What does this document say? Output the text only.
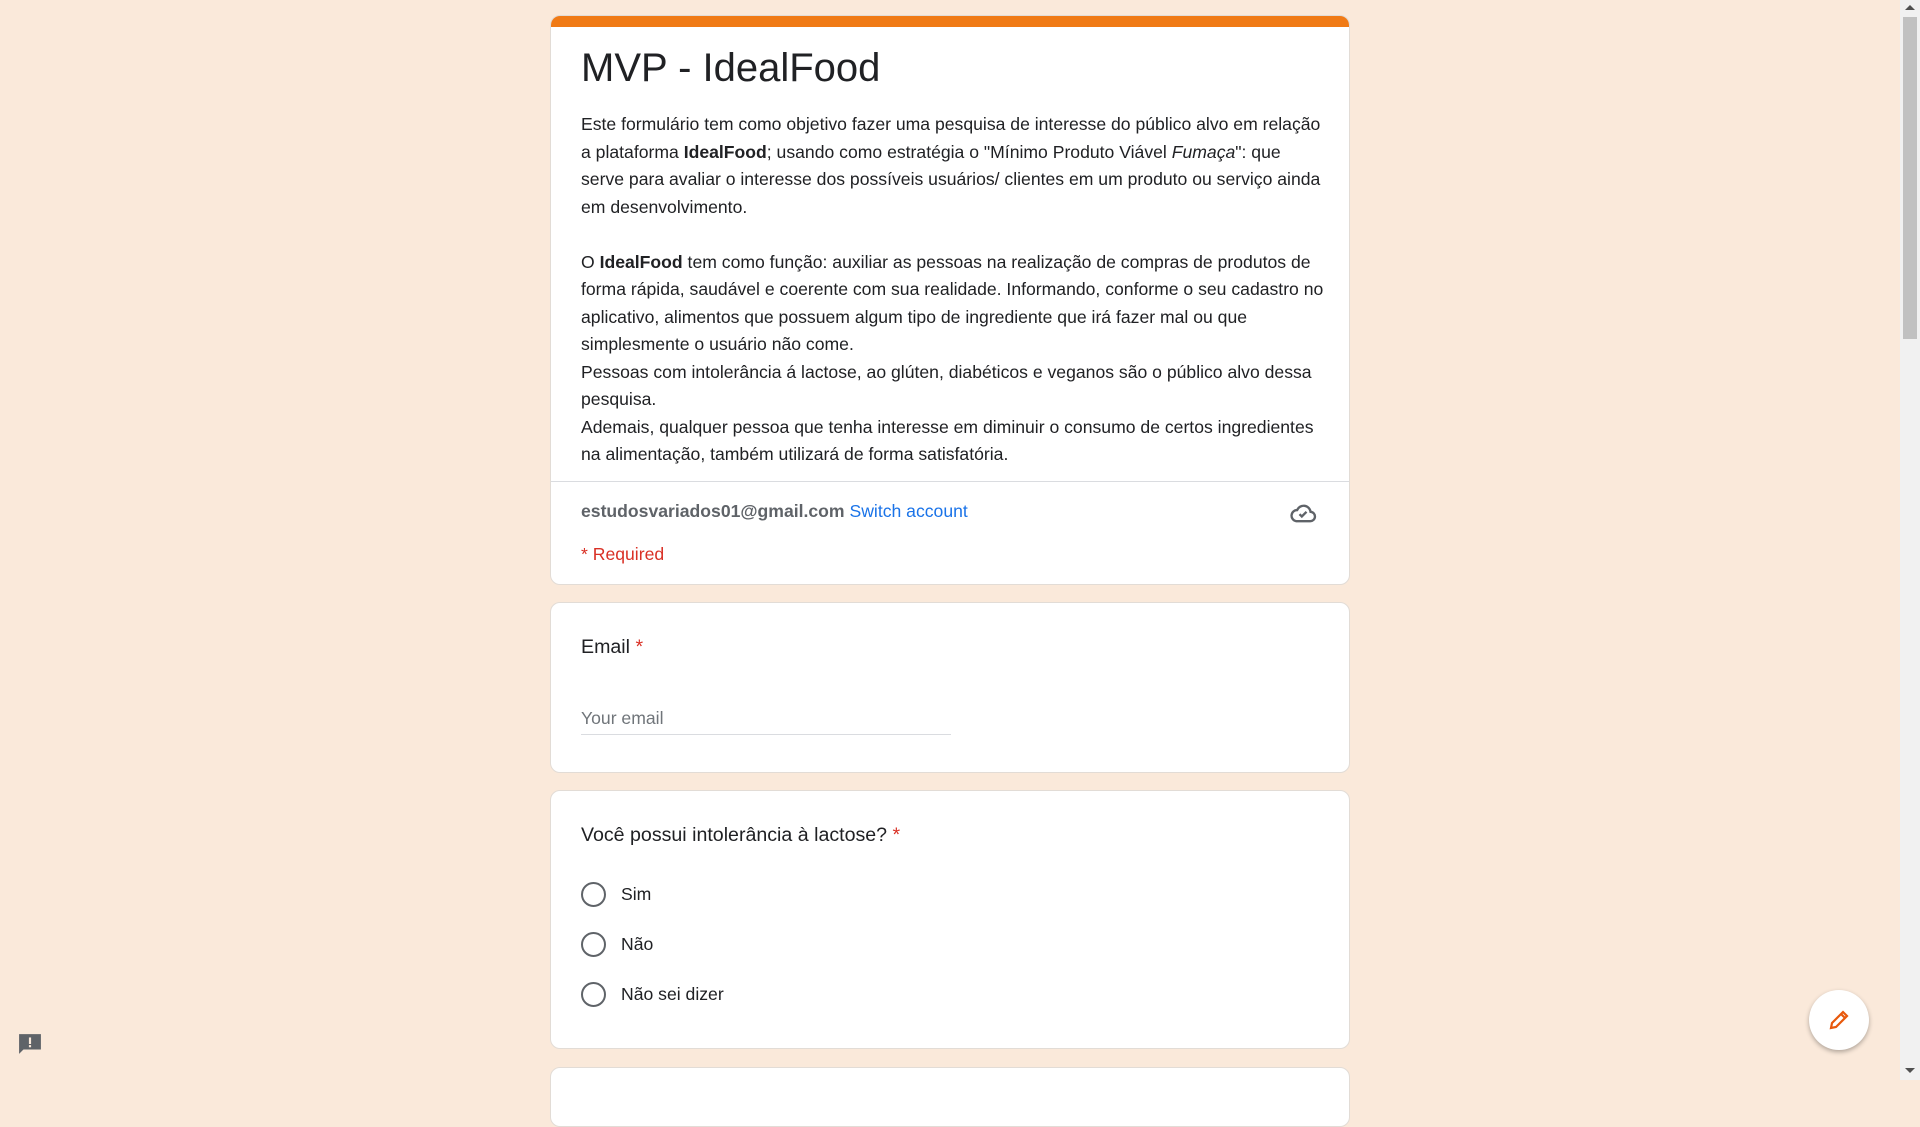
MVP - IdealFood

Este formulário tem como objetivo fazer uma pesquisa de interesse do público alvo em relação a plataforma IdealFood; usando como estratégia o "Mínimo Produto Viável Fumaça": que serve para avaliar o interesse dos possíveis usuários/ clientes em um produto ou serviço ainda em desenvolvimento.

O IdealFood tem como função: auxiliar as pessoas na realização de compras de produtos de forma rápida, saudável e coerente com sua realidade. Informando, conforme o seu cadastro no aplicativo, alimentos que possuem algum tipo de ingrediente que irá fazer mal ou que simplesmente o usuário não come.

Pessoas com intolerância á lactose, ao glúten, diabéticos e veganos são o público alvo dessa pesquisa.

Ademais, qualquer pessoa que tenha interesse em diminuir o consumo de certos ingredientes na alimentação, também utilizará de forma satisfatória.

estudosvariados01@gmail.com Switch account
* Required
Email *
Your email
Você possui intolerância à lactose? *
Sim
Não
Não sei dizer
